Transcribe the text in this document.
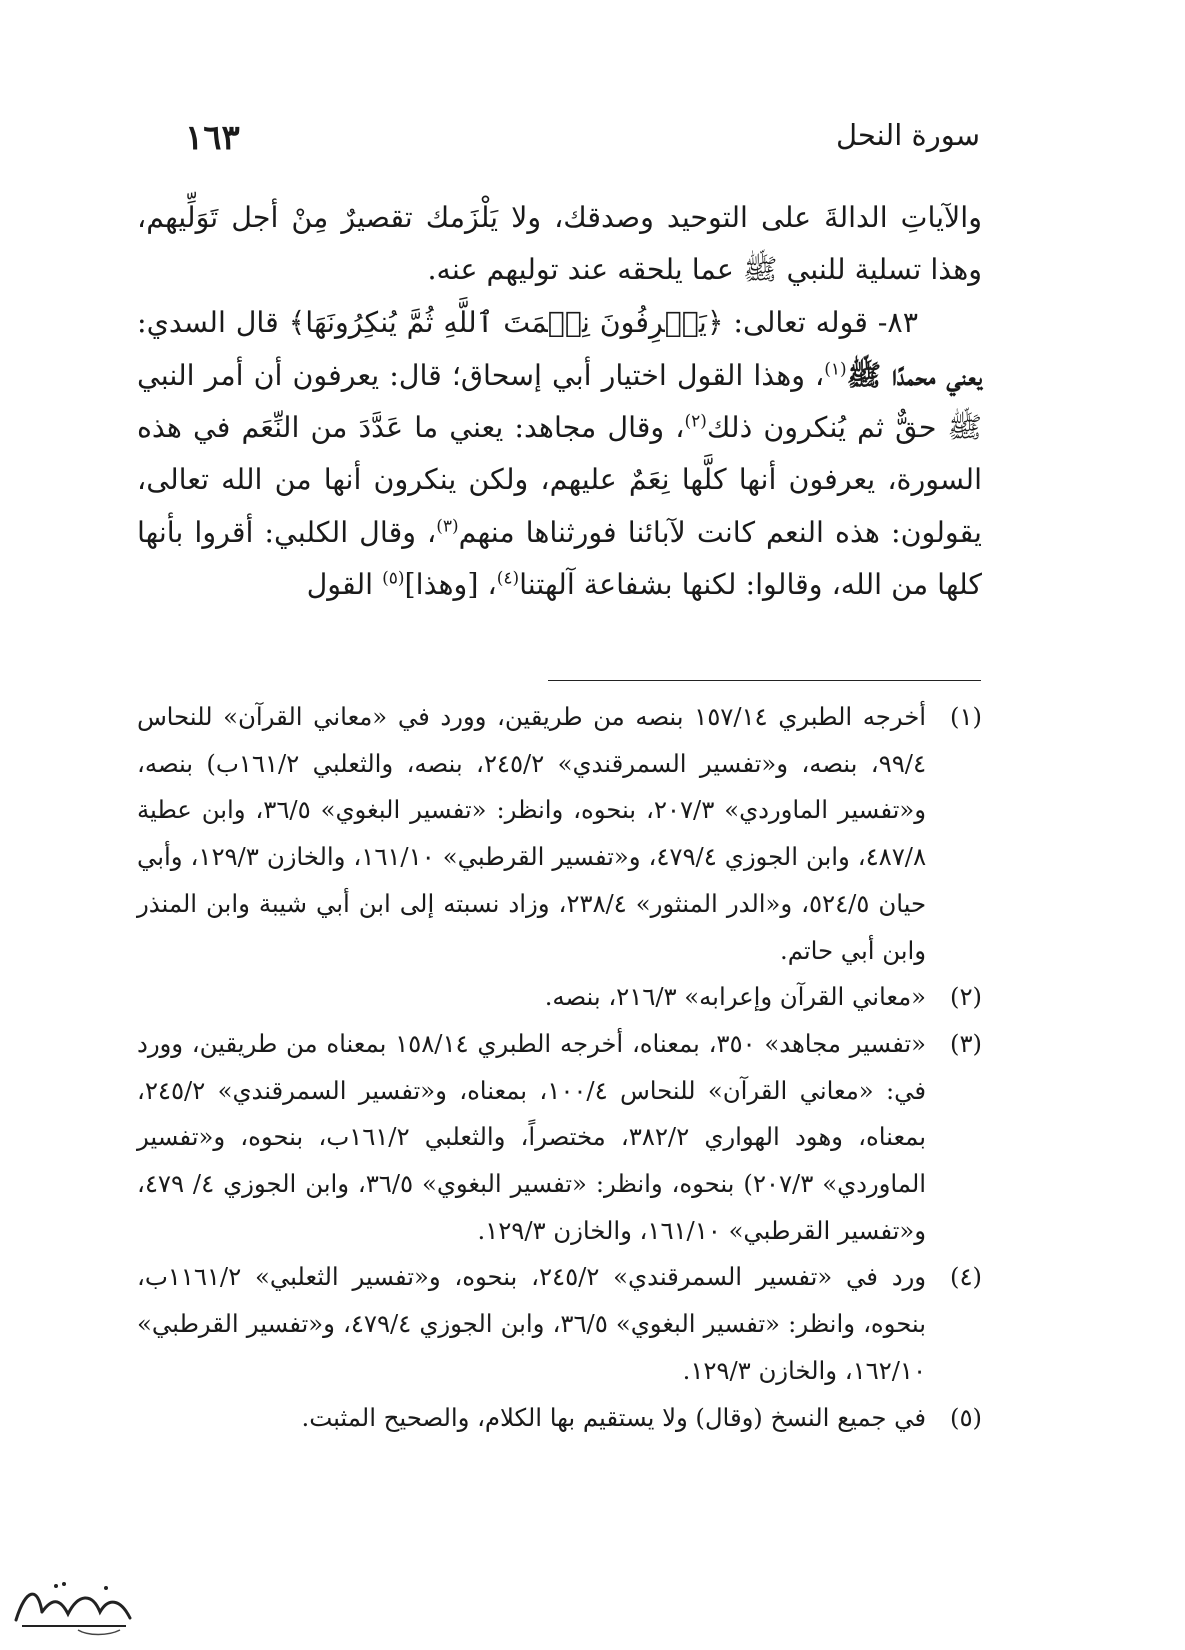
سورة النحل
١٦٣

والآياتِ الدالةَ على التوحيد وصدقك، ولا يَلْزَمك تقصيرٌ مِنْ أجل تَوَلِّيهم، وهذا تسلية للنبي ﷺ عما يلحقه عند توليهم عنه.

٨٣- قوله تعالى: ﴿يَعۡرِفُونَ نِعۡمَتَ ٱللَّهِ ثُمَّ يُنكِرُونَهَا﴾ قال السدي: يعني محمدًا ﷺ$^{(١)}$، وهذا القول اختيار أبي إسحاق؛ قال: يعرفون أن أمر النبي ﷺ حقٌّ ثم يُنكرون ذلك$^{(٢)}$، وقال مجاهد: يعني ما عَدَّدَ من النِّعَم في هذه السورة، يعرفون أنها كلَّها نِعَمٌ عليهم، ولكن ينكرون أنها من الله تعالى، يقولون: هذه النعم كانت لآبائنا فورثناها منهم$^{(٣)}$، وقال الكلبي: أقروا بأنها كلها من الله، وقالوا: لكنها بشفاعة آلهتنا$^{(٤)}$، [وهذا]$^{(٥)}$ القول

(١)
أخرجه الطبري ١٥٧/١٤ بنصه من طريقين، وورد في «معاني القرآن» للنحاس ٩٩/٤، بنصه، و«تفسير السمرقندي» ٢٤٥/٢، بنصه، والثعلبي ١٦١/٢ب) بنصه، و«تفسير الماوردي» ٢٠٧/٣، بنحوه، وانظر: «تفسير البغوي» ٣٦/٥، وابن عطية ٤٨٧/٨، وابن الجوزي ٤٧٩/٤، و«تفسير القرطبي» ١٦١/١٠، والخازن ١٢٩/٣، وأبي حيان ٥٢٤/٥، و«الدر المنثور» ٢٣٨/٤، وزاد نسبته إلى ابن أبي شيبة وابن المنذر وابن أبي حاتم.

(٢)
«معاني القرآن وإعرابه» ٢١٦/٣، بنصه.

(٣)
«تفسير مجاهد» ٣٥٠، بمعناه، أخرجه الطبري ١٥٨/١٤ بمعناه من طريقين، وورد في: «معاني القرآن» للنحاس ١٠٠/٤، بمعناه، و«تفسير السمرقندي» ٢٤٥/٢، بمعناه، وهود الهواري ٣٨٢/٢، مختصراً، والثعلبي ١٦١/٢ب، بنحوه، و«تفسير الماوردي» ٢٠٧/٣) بنحوه، وانظر: «تفسير البغوي» ٣٦/٥، وابن الجوزي ٤/ ٤٧٩، و«تفسير القرطبي» ١٦١/١٠، والخازن ١٢٩/٣.

(٤)
ورد في «تفسير السمرقندي» ٢٤٥/٢، بنحوه، و«تفسير الثعلبي» ١١٦١/٢ب، بنحوه، وانظر: «تفسير البغوي» ٣٦/٥، وابن الجوزي ٤٧٩/٤، و«تفسير القرطبي» ١٦٢/١٠، والخازن ١٢٩/٣.

(٥)
في جميع النسخ (وقال) ولا يستقيم بها الكلام، والصحيح المثبت.
